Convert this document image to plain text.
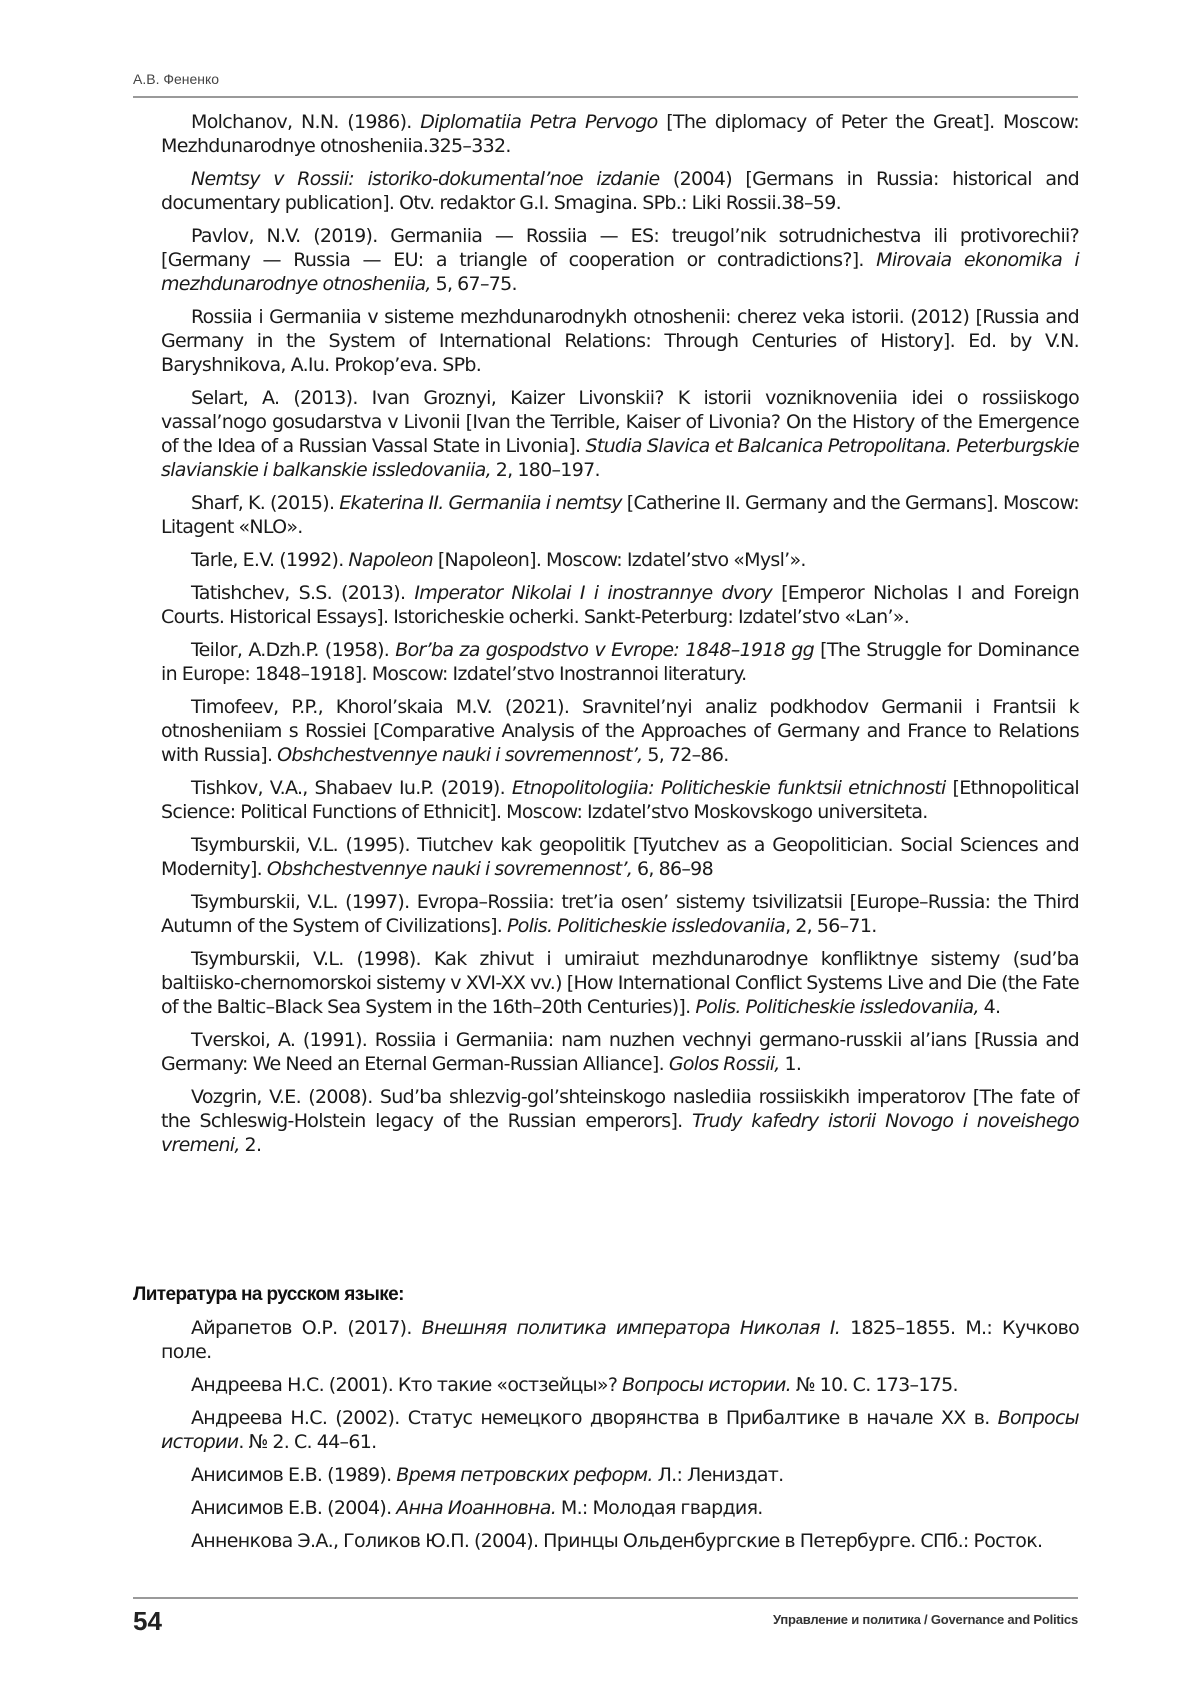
А.В. Фененко

Molchanov, N.N. (1986). Diplomatiia Petra Pervogo [The diplomacy of Peter the Great]. Moscow: Mezhdunarodnye otnosheniia.325–332.

Nemtsy v Rossii: istoriko-dokumental’noe izdanie (2004) [Germans in Russia: historical and documentary publication]. Otv. redaktor G.I. Smagina. SPb.: Liki Rossii.38–59.

Pavlov, N.V. (2019). Germaniia — Rossiia — ES: treugol’nik sotrudnichestva ili protivorechii? [Germany — Russia — EU: a triangle of cooperation or contradictions?]. Mirovaia ekonomika i mezhdunarodnye otnosheniia, 5, 67–75.

Rossiia i Germaniia v sisteme mezhdunarodnykh otnoshenii: cherez veka istorii. (2012) [Russia and Germany in the System of International Relations: Through Centuries of History]. Ed. by V.N. Baryshnikova, A.Iu. Prokop’eva. SPb.

Selart, A. (2013). Ivan Groznyi, Kaizer Livonskii? K istorii vozniknoveniia idei o rossiiskogo vassal’nogo gosudarstva v Livonii [Ivan the Terrible, Kaiser of Livonia? On the History of the Emergence of the Idea of a Russian Vassal State in Livonia]. Studia Slavica et Balcanica Petropolitana. Peterburgskie slavianskie i balkanskie issledovaniia, 2, 180–197.

Sharf, K. (2015). Ekaterina II. Germaniia i nemtsy [Catherine II. Germany and the Germans]. Moscow: Litagent «NLO».

Tarle, E.V. (1992). Napoleon [Napoleon]. Moscow: Izdatel’stvo «Mysl’».

Tatishchev, S.S. (2013). Imperator Nikolai I i inostrannye dvory [Emperor Nicholas I and Foreign Courts. Historical Essays]. Istoricheskie ocherki. Sankt-Peterburg: Izdatel’stvo «Lan’».

Teilor, A.Dzh.P. (1958). Bor’ba za gospodstvo v Evrope: 1848–1918 gg [The Struggle for Dominance in Europe: 1848–1918]. Moscow: Izdatel’stvo Inostrannoi literatury.

Timofeev, P.P., Khorol’skaia M.V. (2021). Sravnitel’nyi analiz podkhodov Germanii i Frantsii k otnosheniiam s Rossiei [Comparative Analysis of the Approaches of Germany and France to Relations with Russia]. Obshchestvennye nauki i sovremennost’, 5, 72–86.

Tishkov, V.A., Shabaev Iu.P. (2019). Etnopolitologiia: Politicheskie funktsii etnichnosti [Ethnopolitical Science: Political Functions of Ethnicit]. Moscow: Izdatel’stvo Moskovskogo universiteta.

Tsymburskii, V.L. (1995). Tiutchev kak geopolitik [Tyutchev as a Geopolitician. Social Sciences and Modernity]. Obshchestvennye nauki i sovremennost’, 6, 86–98

Tsymburskii, V.L. (1997). Evropa–Rossiia: tret’ia osen’ sistemy tsivilizatsii [Europe–Russia: the Third Autumn of the System of Civilizations]. Polis. Politicheskie issledovaniia, 2, 56–71.

Tsymburskii, V.L. (1998). Kak zhivut i umiraiut mezhdunarodnye konfliktnye sistemy (sud’ba baltiisko-chernomorskoi sistemy v XVI-XX vv.) [How International Conflict Systems Live and Die (the Fate of the Baltic–Black Sea System in the 16th–20th Centuries)]. Polis. Politicheskie issledovaniia, 4.

Tverskoi, A. (1991). Rossiia i Germaniia: nam nuzhen vechnyi germano-russkii al’ians [Russia and Germany: We Need an Eternal German-Russian Alliance]. Golos Rossii, 1.

Vozgrin, V.E. (2008). Sud’ba shlezvig-gol’shteinskogo naslediia rossiiskikh imperatorov [The fate of the Schleswig-Holstein legacy of the Russian emperors]. Trudy kafedry istorii Novogo i noveishego vremeni, 2.

Литература на русском языке:

Айрапетов О.Р. (2017). Внешняя политика императора Николая I. 1825–1855. М.: Кучково поле.

Андреева Н.С. (2001). Кто такие «остзейцы»? Вопросы истории. № 10. С. 173–175.

Андреева Н.С. (2002). Статус немецкого дворянства в Прибалтике в начале XX в. Вопросы истории. № 2. С. 44–61.

Анисимов Е.В. (1989). Время петровских реформ. Л.: Лениздат.

Анисимов Е.В. (2004). Анна Иоанновна. М.: Молодая гвардия.

Анненкова Э.А., Голиков Ю.П. (2004). Принцы Ольденбургские в Петербурге. СПб.: Росток.

54	Управление и политика / Governance and Politics
